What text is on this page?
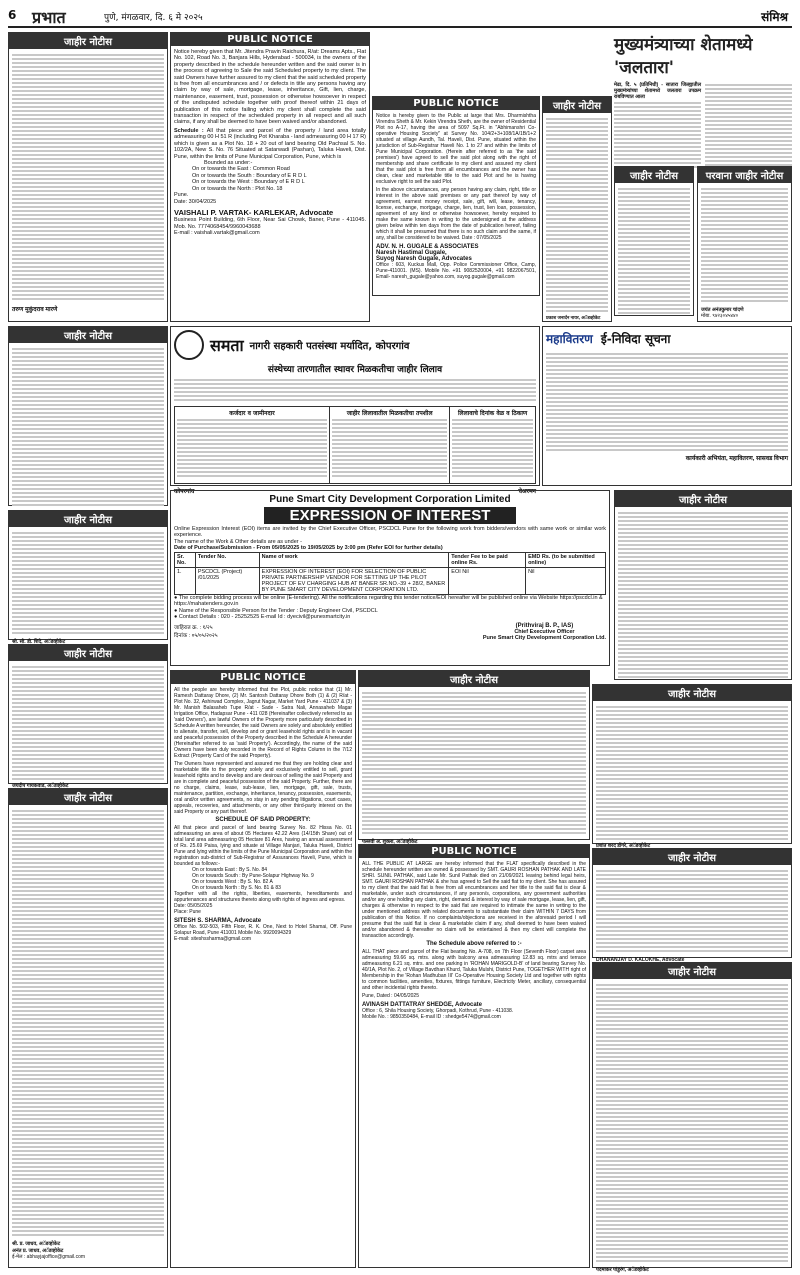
6 प्रभात	पुणे, मंगळवार, दि. ६ मे २०२५	संमिश्र
जाहीर नोटीस
तरुण मुकुंदराव मारणे
PUBLIC NOTICE
Notice hereby given that Mr. Jitendra Pravin Raichura, R/at: Dreams Apts., Flat No. 102, Road No. 3, Banjara Hills, Hyderabad - 500034, is the owners of the property described in the schedule hereunder written and the said owner is in the process of agreeing to Sale the said Scheduled property to my client. The said Owners have further assured to my client that the said scheduled property is free from all encumbrances and / or defects in title any persons having any claim by way of sale, mortgage, lease, inheritance, Gift, lien, charge, maintenance, easement, trust, possession or otherwise howsoever in respect of the undisputed schedule together with proof thereof within 21 days of publication of this notice failing which my client shall complete the said transaction in respect of the scheduled property in all respect and all such claims, if any shall be deemed to have been waived and/or abandoned.
Schedule : All that piece and parcel of the property / land area totally admeasuring 00 H 51 R (including Pot Kharaba - land admeasuring 00 H 17 R) which is given as a Plot No. 18 + 20 out of land bearing Old Pachsal S. No. 102/2A, New S. No. 76 Situated at Satarwadi (Pashan), Taluka Haveli, Dist. Pune, within the limits of Pune Municipal Corporation, Pune, which is
Bounded as under:-
On or towards the East : Common Road
On or towards the South : Boundary of E R D L
On or towards the West : Boundary of E R D L
On or towards the North : Plot No. 18
Pune.
Date: 30/04/2025
VAISHALI P. VARTAK- KARLEKAR, Advocate
Business Point Building, 6th Floor, Near Sai Chowk, Baner, Pune - 411045. Mob. No. 7774068454/9960043688
E-mail : vaishali.vartak@gmail.com
PUBLIC NOTICE
Notice is hereby given to the Public at large that Mrs. Dharmishtha Virendra Sheth & Mr. Kekin Virendra Sheth, are the owner of Residential Plot no A-17, having the area of 5097 Sq.Ft. in "Abhimanshri Co-operative Housing Society" at Survey No. 104/2+3+108/1A/1B/1+2 situated at village Aundh, Tal. Haveli, Dist. Pune, situated within the jurisdiction of Sub-Registrar Haveli No. 1 to 27 and within the limits of Pune Municipal Corporation. (Herein after referred to as 'the said premises') have agreed to sell the said plot along with the right of membership and share certificate to my client and assured my client that the said plot is free from all encumbrances and the owner has clean, clear and marketable title to the said Plot and he is having exclusive right to sell the said Plot.
In the above circumstances, any person having any claim, right, title or interest in the above said premises or any part thereof by way of agreement, earnest money receipt, sale, gift, will, lease, tenancy, license, exchange, mortgage, charge, lien, trust, lien loan, possession, agreement of any kind or otherwise howsoever, hereby required to make the same known in writing to the undersigned at the address given below within ten days from the date of publication hereof, failing which it shall be presumed that there is no such claim and the same, if any, shall be considered to be waived. Date : 07/05/2025
ADV. N. H. GUGALE & ASSOCIATES
Naresh Hastimal Gugale,
Suyog Naresh Gugale, Advocates
Office : 603, Kuckus Mall, Opp. Police Commissioner Office, Camp, Pune-411001. (MS). Mobile No. +91 9082520004, +91 9822067501, Email- naresh_gugale@yahoo.com, suyog.gugale@gmail.com
जाहीर नोटीस
प्रकाश जनार्दन नायर, अॅडव्होकेट
मुख्यमंत्र्याच्या शेतामध्ये 'जलतारा'
मेढा, दि. ५ (प्रतिनिधी) - सातारा जिल्ह्यातील मुख्यमंत्र्यांच्या शेतामध्ये जलतारा उपक्रम राबविण्यात आला
जाहीर नोटीस	परवाना जाहीर नोटीस
जयंत अनंतकुमार चांदणे
मोबा. ९४२३०४५४४०
समता नागरी सहकारी पतसंस्था मर्यादित, कोपरगांव
संस्थेच्या तारणातील स्थावर मिळकतीचा जाहीर लिलाव
कर्जदार व जामीनदार	जाहीर लिलावातील मिळकतीचा तपशील	लिलावाचे दिनांक वेळ व ठिकाण
कोपरगांव	चेअरमन
महावितरण ई-निविदा सूचना
कार्यकारी अभियंता, महावितरण, सासवड विभाग
जाहीर नोटीस
जाहीर नोटीस
श्री. सी. डी. शिंदे, अॅडव्होकेट
जाहीर नोटीस
जयदीप गायकवाड, अॅडव्होकेट
जाहीर नोटीस
श्री. प्र. जाधव, अॅडव्होकेट
अनंत प्र. जाधव, अॅडव्होकेट
ई-मेल : abhayjajoffice@gmail.com
Pune Smart City Development Corporation Limited
EXPRESSION OF INTEREST
Online Expression Interest (EOI) items are invited by the Chief Executive Officer, PSCDCL Pune for the following work from bidders/vendors with same work or similar work experience.
The name of the Work & Other details are as under -
Date of Purchase/Submission - From 05/05/2025 to 19/05/2025 by 3:00 pm (Refer EOI for further details)
Sr. No.	Tender No.	Name of work	Tender Fee to be paid online Rs.	EMD Rs. (to be submitted online)
1.	PSCDCL (Project) /01/2025	EXPRESSION OF INTEREST (EOI) FOR SELECTION OF PUBLIC PRIVATE PARTNERSHIP VENDOR FOR SETTING UP THE PILOT PROJECT OF EV CHARGING HUB AT BANER SR.NO.-39 + 28/2, BANER BY PUNE SMART CITY DEVELOPMENT CORPORATION LTD.	EOI Nil	Nil
● The complete bidding process will be online (E-tendering). All the notifications regarding this tender notice/EOI hereafter will be published online via Website https://pscdcl.in & https://mahatenders.gov.in
● Name of the Responsible Person for the Tender : Deputy Engineer Civil, PSCDCL
● Contact Details : 020 - 25252525 E-mail Id : dyecivil@punesmartcity.in
जाहिरात क्र. : १/२५
दिनांक : ०५/०५/२०२५
(Prithviraj B. P., IAS)
Chief Executive Officer
Pune Smart City Development Corporation Ltd.
जाहीर नोटीस
PUBLIC NOTICE
All the people are hereby informed that the Plot, public notice that (1) Mr. Ramesh Dattaray Dhore, (2) Mr. Santosh Dattaray Dhore Both (1) & (2) R/at - Plot No. 32, Ashirwad Complex, Jagrut Nagar, Market Yard Pune - 411037 & (3) Mr. Manish Balasaheb Tupe R/at - Sade - Satra Nali, Annasaheb Magar Irrigation Office, Hadapsar Pune - 411 028 (Hereinafter collectively referred to as 'said Owners'), are lawful Owners of the Property more particularly described in Schedule A written hereunder, the said Owners are solely and absolutely entitled to alienate, transfer, sell, develop and or grant leasehold rights and is in vacant and peaceful possession of the Property described in the Schedule A hereunder (Hereinafter referred to as 'said Property'). Accordingly, the name of the said Owners have been duly recorded in the Record of Rights Column in the 7/12 Extract (Property Card of the said Property).
The Owners have represented and assured me that they are holding clear and marketable title to the property solely and exclusively entitled to sell, grant leasehold rights and to develop and are desirous of selling the said Property and are in complete and peaceful possession of the said Property. Further, there are no charge, claims, lease, sub-lease, lien, mortgage, gift, sale, trusts, maintenance, partition, exchange, inheritance, tenancy, possession, easements, oral and/or written agreements, no stay in any pending litigations, court cases, appeals, recoveries, and attachments, or any other third-party interest on the said Property or any part thereof.
SCHEDULE OF SAID PROPERTY:
All that piece and parcel of land bearing Survey No. 82 Hissa No. 01 admeasuring an area of about 05 Hectares 42.22 Ares (14/15th Share) out of total land area admeasuring 05 Hectare 81 Ares, having an annual assessment of Rs. 25.69 Paisa, lying and situate at Village Manjari, Taluka Haveli, District Pune and lying within the limits of the Pune Municipal Corporation and within the registration sub-district of Sub-Registrar of Assurances Haveli, Pune, which is bounded as follows:-
On or towards East : By S. No. 84
On or towards South : By Pune-Solapur Highway No. 9
On or towards West : By S. No. 82 A
On or towards North : By S. No. 81 & 83
Together with all the rights, liberties, easements, hereditaments and appurtenances and structures thereto along with rights of ingress and egress.
Date: 05/05/2025
Place: Pune
SITESH S. SHARMA, Advocate
Office No. 502-503, Fifth Floor, R. K. One, Next to Hotel Shamai, Off. Pune Solapur Road, Pune 411001 Mobile No. 9920094329
E-mail: siteshssharma@gmail.com
जाहीर नोटीस
पल्लवी अ. शुक्ला, अॅडव्होकेट
PUBLIC NOTICE
ALL THE PUBLIC AT LARGE are hereby informed that the FLAT specifically described in the schedule hereunder written are owned & possessed by SMT. GAURI ROSHAN PATHAK AND LATE SHRI. SUNIL PATHAK, said Late Mr. Sunil Pathak died on 21/09/2021 leaving behind legal heirs, SMT. GAURI ROSHAN PATHAK & she has agreed to Sell the said flat to my client. She has assured to my client that the said flat is free from all encumbrances and her title to the said flat is clear & marketable, under such circumstances, if any person/s, corporations, any government authorities and/or any one holding any claim, right, demand & interest by way of sale mortgage, lease, lien, gift, charges & otherwise in respect to the said flat are required to intimate the same in writing to the under mentioned address with related documents to substantiate their claim WITHIN 7 DAYS from publication of this Notice. If no complaints/objections are received in the aforesaid period I will presume that the said flat is clear & marketable claim if any, shall deemed to have been waived and/or abandoned & thereafter no claim will be entertained & then my client will complete the transaction accordingly.
The Schedule above referred to :-
ALL THAT piece and parcel of the Flat bearing No. A-708, on 7th Floor (Seventh Floor) carpet area admeasuring 59.66 sq. mtrs. along with balcony area admeasuring 12.83 sq. mtrs and terrace admeasuring 6.21 sq. mtrs. and one parking in 'ROHAN MARIGOLD-B' of land bearing Survey No. 40/1A, Plot No. 2, of Village Bavdhan Khurd, Taluka Mulshi, District Pune, TOGETHER WITH right of Membership in the 'Rohan Madhuban III' Co-Operative Housing Society Ltd and together with rights to common facilities, amenities, fixtures, fittings furniture, Electricity Meter, ancillary, consequential and other incidental rights thereto.
Pune, Dated : 04/05/2025
AVINASH DATTATRAY SHEDGE, Advocate
Office : 6, Shila Housing Society, Ghorpadi, Kothrud, Pune - 411038.
Mobile No. : 9850350484, E-mail ID : shedge5474@gmail.com
जाहीर नोटीस
प्रशांत शरद डोंगरे, अॅडव्होकेट
जाहीर नोटीस
DHANANJAY D. KALOKHE, Advocate
जाहीर नोटीस
पदमाकर पांडुरंग, अॅडव्होकेट
